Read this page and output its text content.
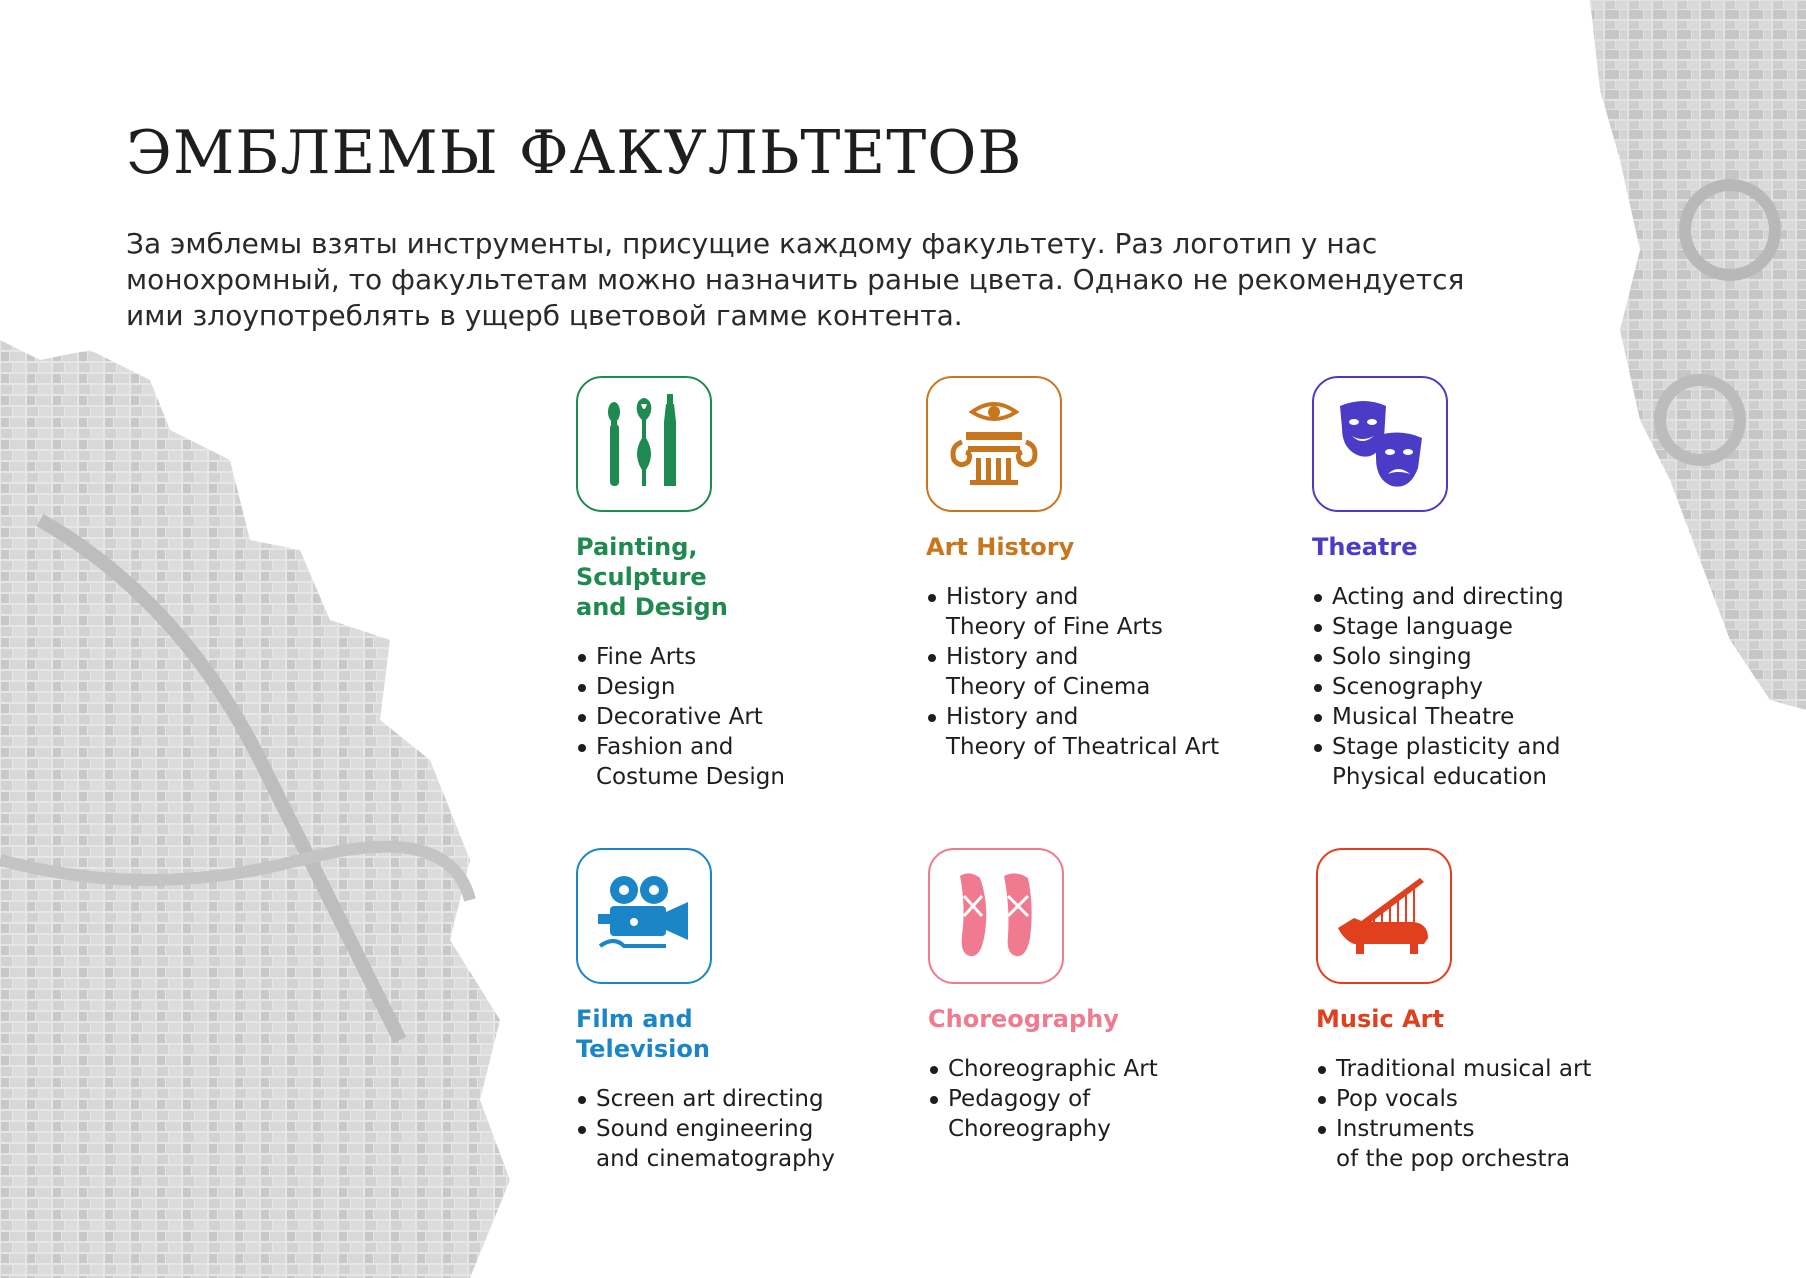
ЭМБЛЕМЫ ФАКУЛЬТЕТОВ

За эмблемы взяты инструменты, присущие каждому факультету. Раз логотип у нас
монохромный, то факультетам можно назначить раные цвета. Однако не рекомендуется
ими злоупотреблять в ущерб цветовой гамме контента.

Painting,
Sculpture
and Design
Fine Arts
Design
Decorative Art
Fashion and
Costume Design
Art History
History and
Theory of Fine Arts
History and
Theory of Cinema
History and
Theory of Theatrical Art
Theatre
Acting and directing
Stage language
Solo singing
Scenography
Musical Theatre
Stage plasticity and
Physical education
Film and
Television
Screen art directing
Sound engineering
and cinematography
Choreography
Choreographic Art
Pedagogy of
Choreography
Music Art
Traditional musical art
Pop vocals
Instruments
of the pop orchestra
